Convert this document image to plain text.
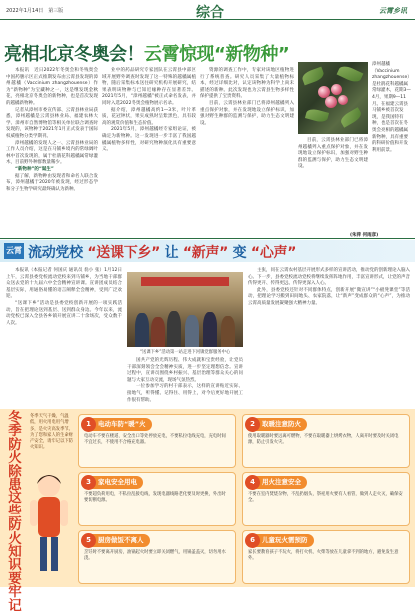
2022年1月14日　第三版	综合	云霄乡讯
亮相北京冬奥会！云霄惊现“新物种”

本报讯　近日2022年冬奥会和冬残奥会中国药膳示区正式推期发布由云霄县发现的漳州越橘（Vaccinium zhangzhouense）作为“新物种”为宝藏种之一，这是继发现金秋花，亮相北京冬奥会的新物种，也是首次发现的越橘新物种。

记者从漳州市委宣传部、云霄县林业局获悉，漳州越橘是云霄县林业局、福建农林大学、漳州市自然博物馆等相关单位联合调查时发现的，该物种于2021年1月正式发表于国际权威植物分类学期刊。

漳州越橘的发现人之一、云霄县林业局的工作人员介绍，这是在马铺乡境内的常绿阔叶林中首次发现的，属于杜鹃花科越橘属常绿灌木，目前野外种群数量稀少。

“新物种”的“诞生”

据了解，新物种由发现者和命名人联合发布，漳州越橘于2020年被发现，经过形态学和分子生物学研究最终确认为新种。

业中的药品研究专家团队在云霄县中部区域开展野外调查时发现了这一特殊的越橘属植物，随后采集标本送往研究机构开展研究，结果表明该物种与已知近缘种存在显著差异。2021年5月，“漳州越橘”被正式命名发表，并同时入选2022冬奥会植物展示名录。

据介绍，漳州越橘高约1—3米，叶片革质，花冠钟状，果实成熟时呈紫黑色，具有较高的观赏价值和生态价值。

2021年5月，漳州越橘经专家组论证，被确定为新物种。这一发现进一步丰富了我国越橘属植物多样性，对研究物种演化具有重要意义。

资源的调查工作中，专家对该地区植物进行了系统普查。研究人员采集了大量植物标本，经过详细比对，认定该物种为科学上尚未描述的新种。此次发现也为云霄县生物多样性保护提供了宝贵资料。

目前，云霄县林业部门已将漳州越橘列入重点保护对象，并在发现地设立保护标识，加强对野生种群的监测与保护，助力生态文明建设。

漳州越橘（Vaccinium zhangzhouense）是杜鹃花科越橘属常绿灌木，花期3—4月，果期9—11月。在福建云霄县马铺乡被首次发现，是我国特有种，也是首次在冬奥会亮相的越橘属新物种，具有重要的科研价值和开发利用前景。

目前，云霄县林业部门已将漳州越橘列入重点保护对象，并在发现地设立保护标识，加强对野生种群的监测与保护，助力生态文明建设。

(朱萍 何雨彦)
云霄 流动党校 “送课下乡” 让 “新声” 变 “心声”

本报讯（本报记者 何国庆 通讯员 翁小 张）1月12日上午，云霄县委党校流动党校来到马铺乡，为当地干部群众送去党的十九届六中全会精神宣讲课。宣讲团成员结合基层实际，用通俗易懂的语言阐释全会精神，受到广泛欢迎。

“送课下乡”活动是县委党校创新开展的一项实践活动，旨在把理论送到基层、送到群众身边。今年以来，流动党校已深入全县各乡镇开展宣讲二十余场次，受众数千人次。

“送课下乡”活动第一站走进下河镇党群服务中心

国共产党的光辉历程、伟大成就和宝贵经验，让党员干部深刻领会全会精神实质，进一步坚定理想信念。宣讲过程中，宣讲员围绕乡村振兴、基层治理等群众关心的问题与大家互动交流，现场气氛热烈。

一位参加学习的村干部表示，这样的宣讲贴近实际、接地气，听得懂、记得住、用得上，对今后更好地开展工作很有帮助。

主张，同在云霄农村基层开展形式多样的宣讲活动，推动党的创新理论入脑入心。下一步，县委党校流动党校将继续发挥阵地作用，丰富宣讲形式，让党的声音传得更开、传得更远、传得更深入人心。

此外，县委党校还针对不同群体特点，创新开展“微宣讲”“小板凳课堂”等活动，把理论学习搬到田间地头、农家院落，让“新声”变成群众的“心声”，为推动云霄高质量发展凝聚强大精神力量。

冬季防火除患这些防火知识要牢记
冬季天气干燥，气温低，用火用电用气增多，是火灾高发季节。为了您和家人的生命财产安全，请牢记以下防火知识。
1	电动车防“暖”火
电动车不要在楼道、安全出口等处停放充电，不要私拉电线充电，充电时间不宜过长，不使用不合格充电器。
2	取暖注意防火
使用取暖器时要远离可燃物，不要在取暖器上烘烤衣物，人离开时要及时关闭电源，防止引发火灾。
3	家电安全用电
不要超负荷用电，不私拉乱接电线，发现电器线路老化要及时更换，外出时要切断电源。
4	用火注意安全
不要在室内焚烧杂物，不乱扔烟头，祭祀用火要有人看管，做到人走火灭，确保安全。
5	厨房做饭不离人
烹饪时不要离开厨房，油锅起火时要立即关闭燃气，用锅盖盖灭，切勿用水浇。
6	儿童玩火需预防
家长要教育孩子不玩火，将打火机、火柴等放在儿童拿不到的地方，避免发生意外。
